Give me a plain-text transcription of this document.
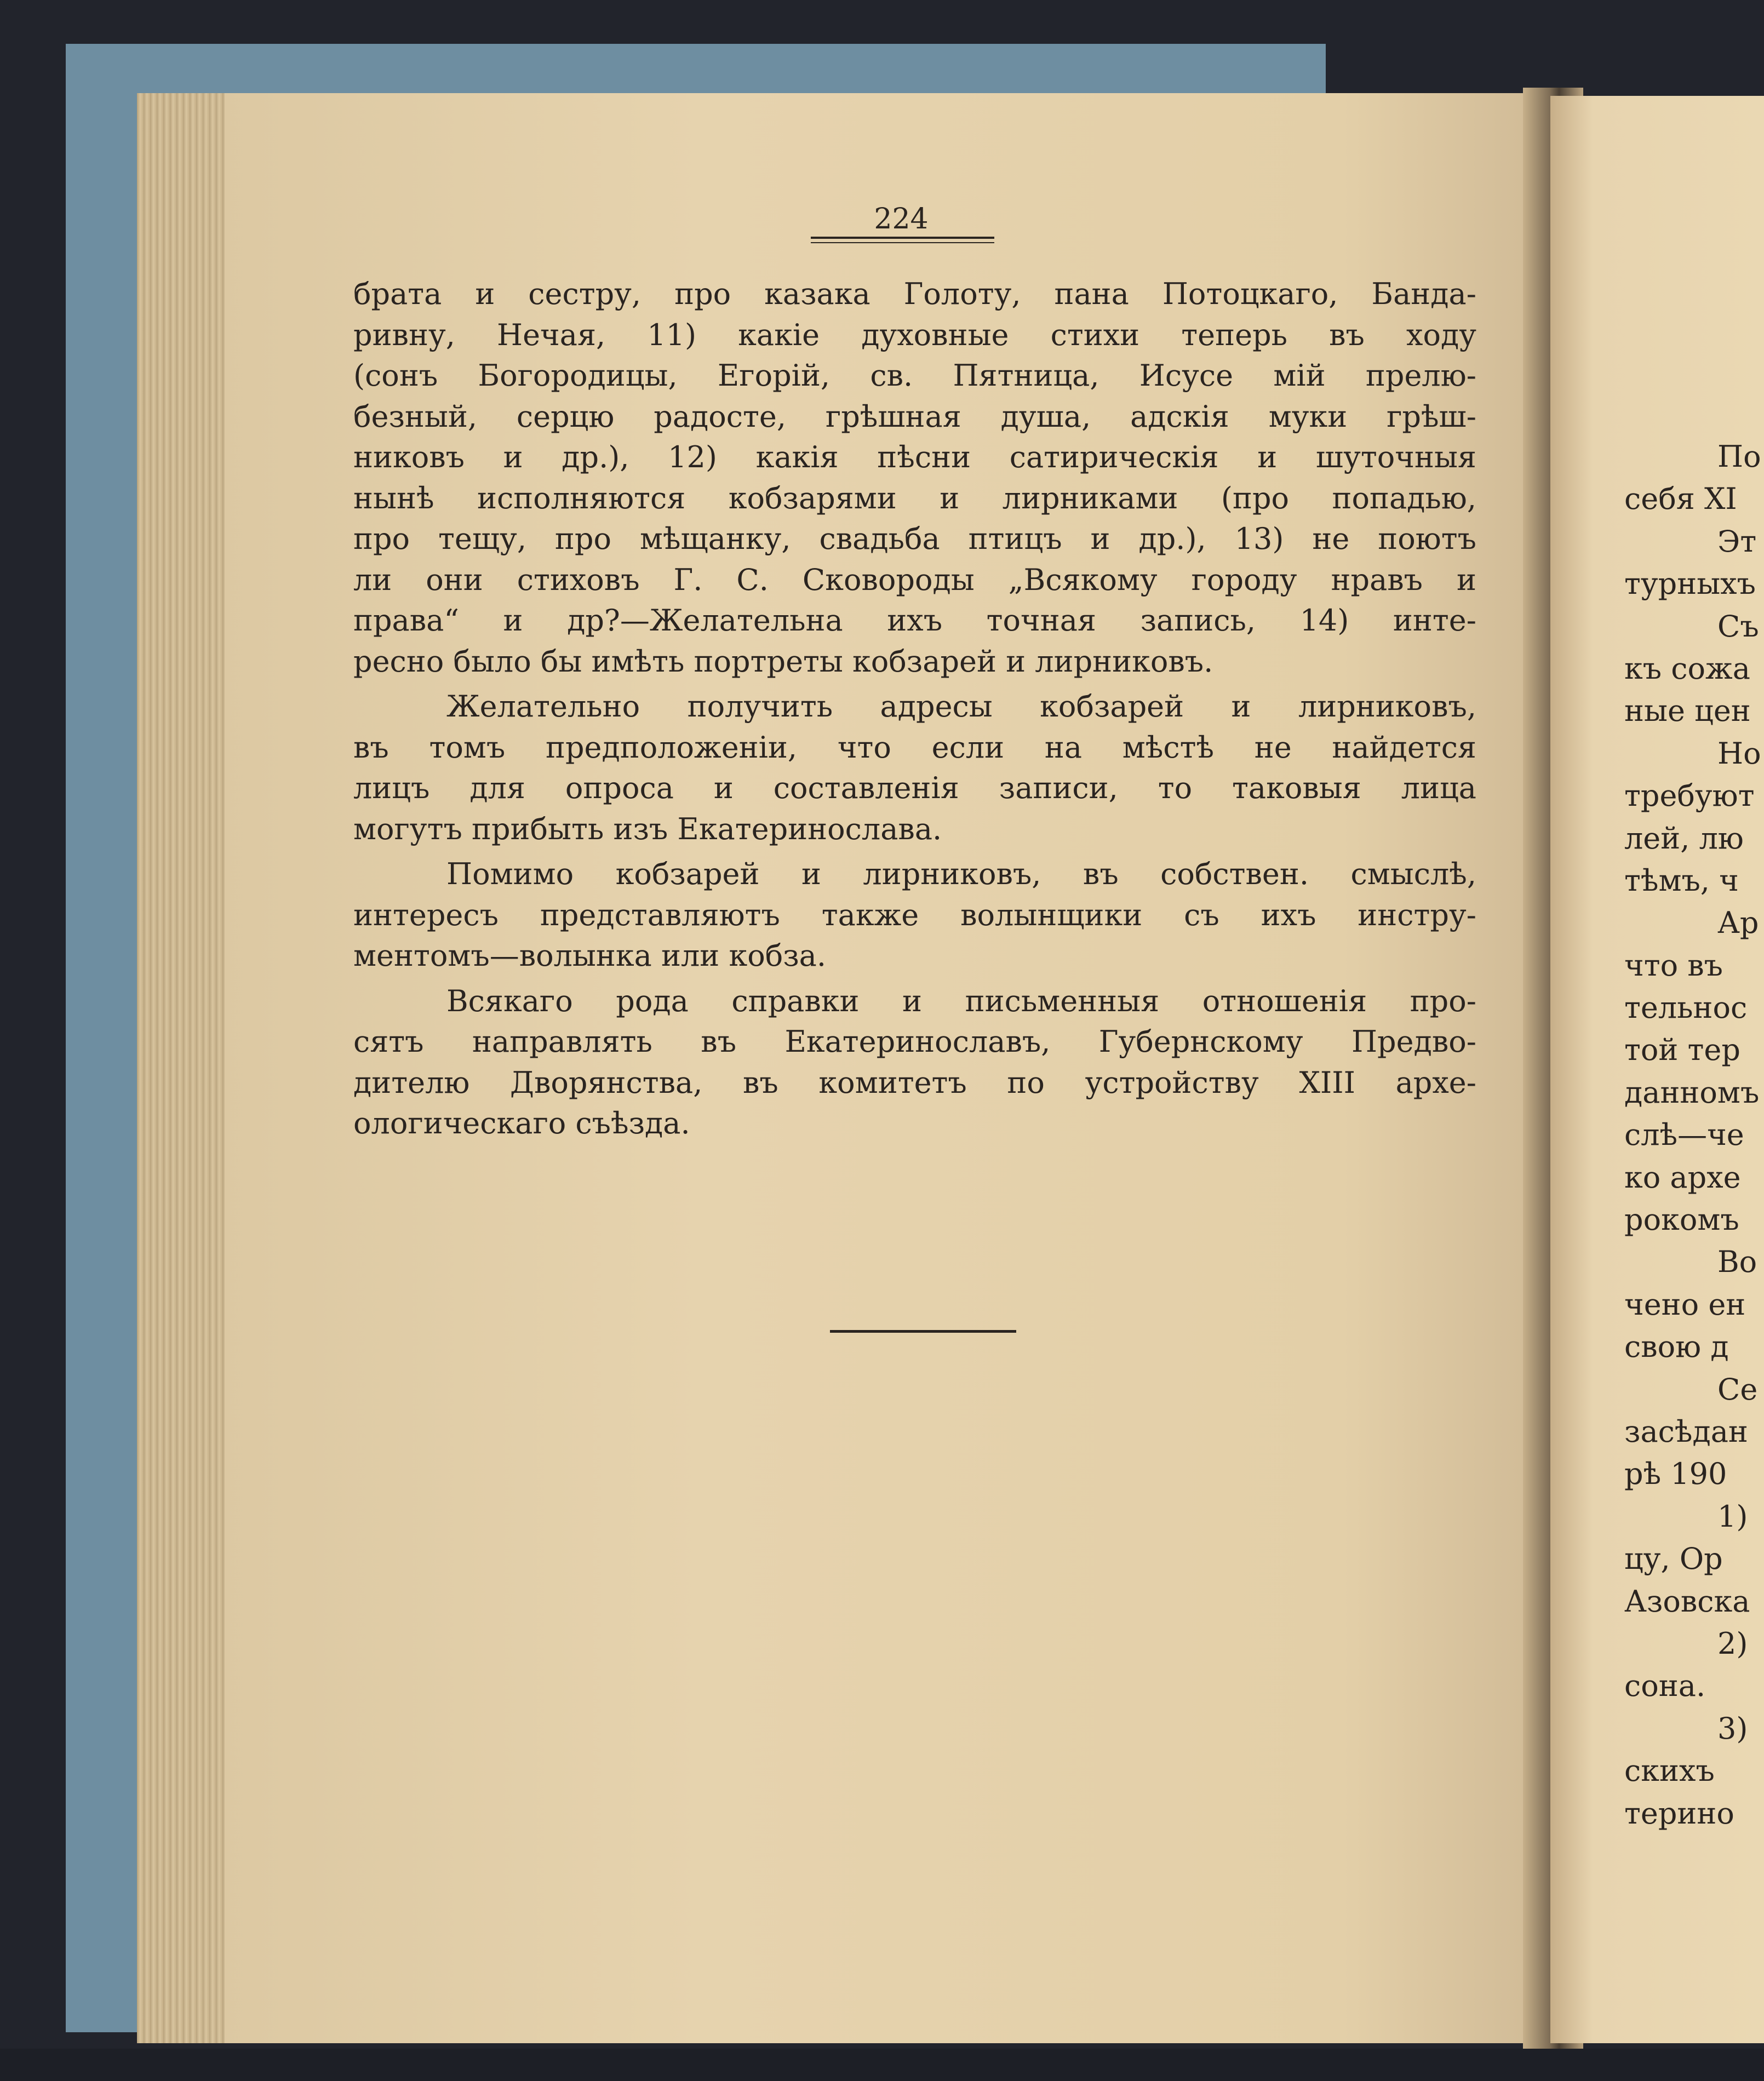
224
брата и сестру, про казака Голоту, пана Потоцкаго, Банда-
ривну, Нечая, 11) какiе духовные стихи теперь въ ходу
(сонъ Богородицы, Егорiй, св. Пятница, Исусе мiй прелю-
безный, серцю радосте, грѣшная душа, адскiя муки грѣш-
никовъ и др.), 12) какiя пѣсни сатирическiя и шуточныя
нынѣ исполняются кобзарями и лирниками (про попадью,
про тещу, про мѣщанку, свадьба птицъ и др.), 13) не поютъ
ли они стиховъ Г. С. Сковороды „Всякому городу нравъ и
права“ и др?—Желательна ихъ точная запись, 14) инте-
ресно было бы имѣть портреты кобзарей и лирниковъ.
Желательно получить адресы кобзарей и лирниковъ,
въ томъ предположенiи, что если на мѣстѣ не найдется
лицъ для опроса и составленiя записи, то таковыя лица
могутъ прибыть изъ Екатеринослава.
Помимо кобзарей и лирниковъ, въ собствен. смыслѣ,
интересъ представляютъ также волынщики съ ихъ инстру-
ментомъ—волынка или кобза.
Всякаго рода справки и письменныя отношенiя про-
сятъ направлять въ Екатеринославъ, Губернскому Предво-
дителю Дворянства, въ комитетъ по устройству XIII архе-
ологическаго съѣзда.
По
себя XI
Эт
турныхъ
Съ
къ сожа
ные цен
Но
требуют
лей, лю
тѣмъ, ч
Ар
что въ
тельнос
той тер
данномъ
слѣ—че
ко архе
рокомъ
Во
чено ен
свою д
Се
засѣдан
рѣ 190
1)
цу, Ор
Азовска
2)
сона.
3)
скихъ
терино
